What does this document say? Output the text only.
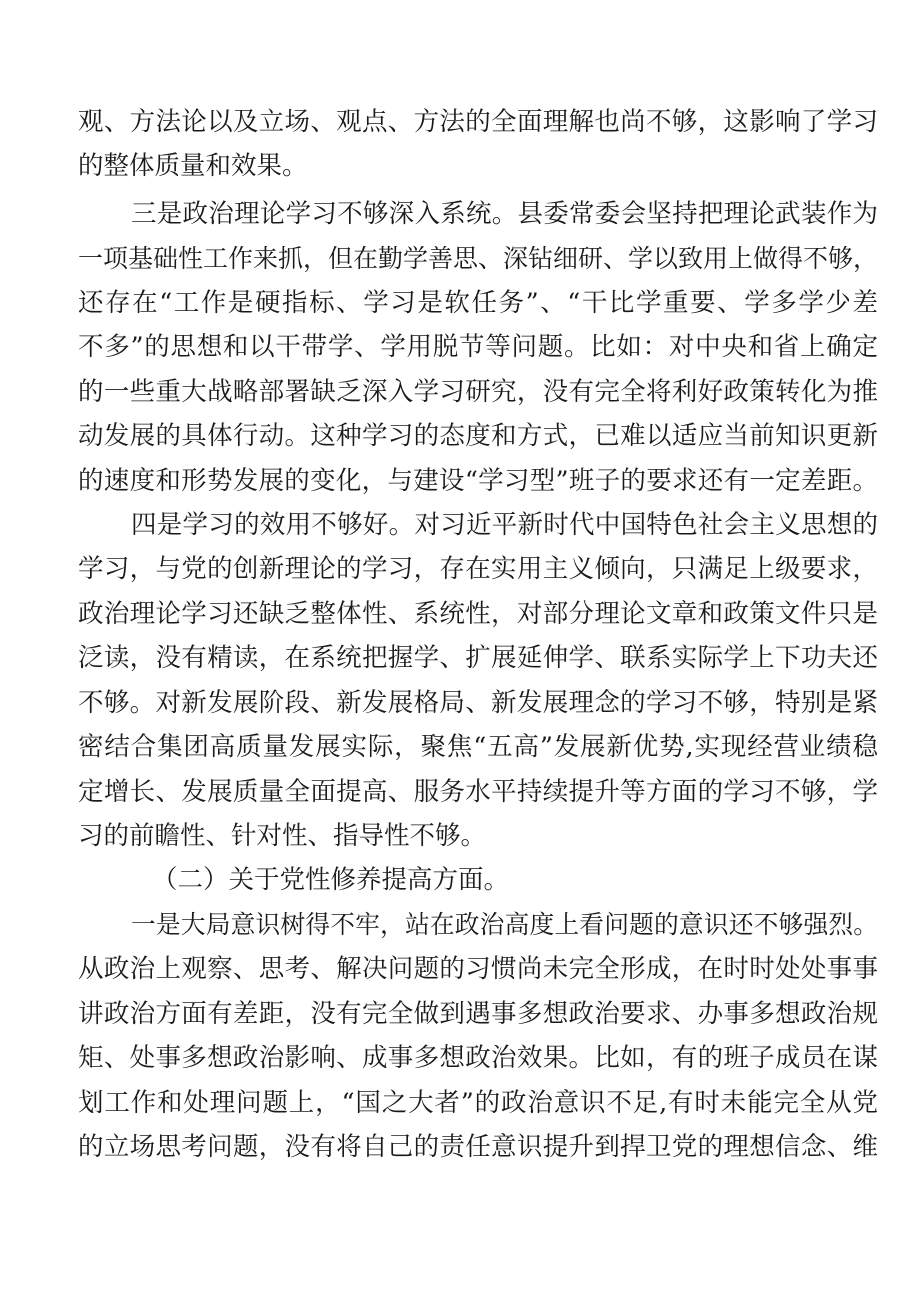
观、方法论以及立场、观点、方法的全面理解也尚不够，这影响了学习
的整体质量和效果。
三是政治理论学习不够深入系统。县委常委会坚持把理论武装作为
一项基础性工作来抓，但在勤学善思、深钻细研、学以致用上做得不够，
还存在“工作是硬指标、学习是软任务”、“干比学重要、学多学少差
不多”的思想和以干带学、学用脱节等问题。比如：对中央和省上确定
的一些重大战略部署缺乏深入学习研究，没有完全将利好政策转化为推
动发展的具体行动。这种学习的态度和方式，已难以适应当前知识更新
的速度和形势发展的变化，与建设“学习型”班子的要求还有一定差距。
四是学习的效用不够好。对习近平新时代中国特色社会主义思想的
学习，与党的创新理论的学习，存在实用主义倾向，只满足上级要求，
政治理论学习还缺乏整体性、系统性，对部分理论文章和政策文件只是
泛读，没有精读，在系统把握学、扩展延伸学、联系实际学上下功夫还
不够。对新发展阶段、新发展格局、新发展理念的学习不够，特别是紧
密结合集团高质量发展实际，聚焦“五高”发展新优势,实现经营业绩稳
定增长、发展质量全面提高、服务水平持续提升等方面的学习不够，学
习的前瞻性、针对性、指导性不够。
（二）关于党性修养提高方面。
一是大局意识树得不牢，站在政治高度上看问题的意识还不够强烈。
从政治上观察、思考、解决问题的习惯尚未完全形成，在时时处处事事
讲政治方面有差距，没有完全做到遇事多想政治要求、办事多想政治规
矩、处事多想政治影响、成事多想政治效果。比如，有的班子成员在谋
划工作和处理问题上，“国之大者”的政治意识不足,有时未能完全从党
的立场思考问题，没有将自己的责任意识提升到捍卫党的理想信念、维
